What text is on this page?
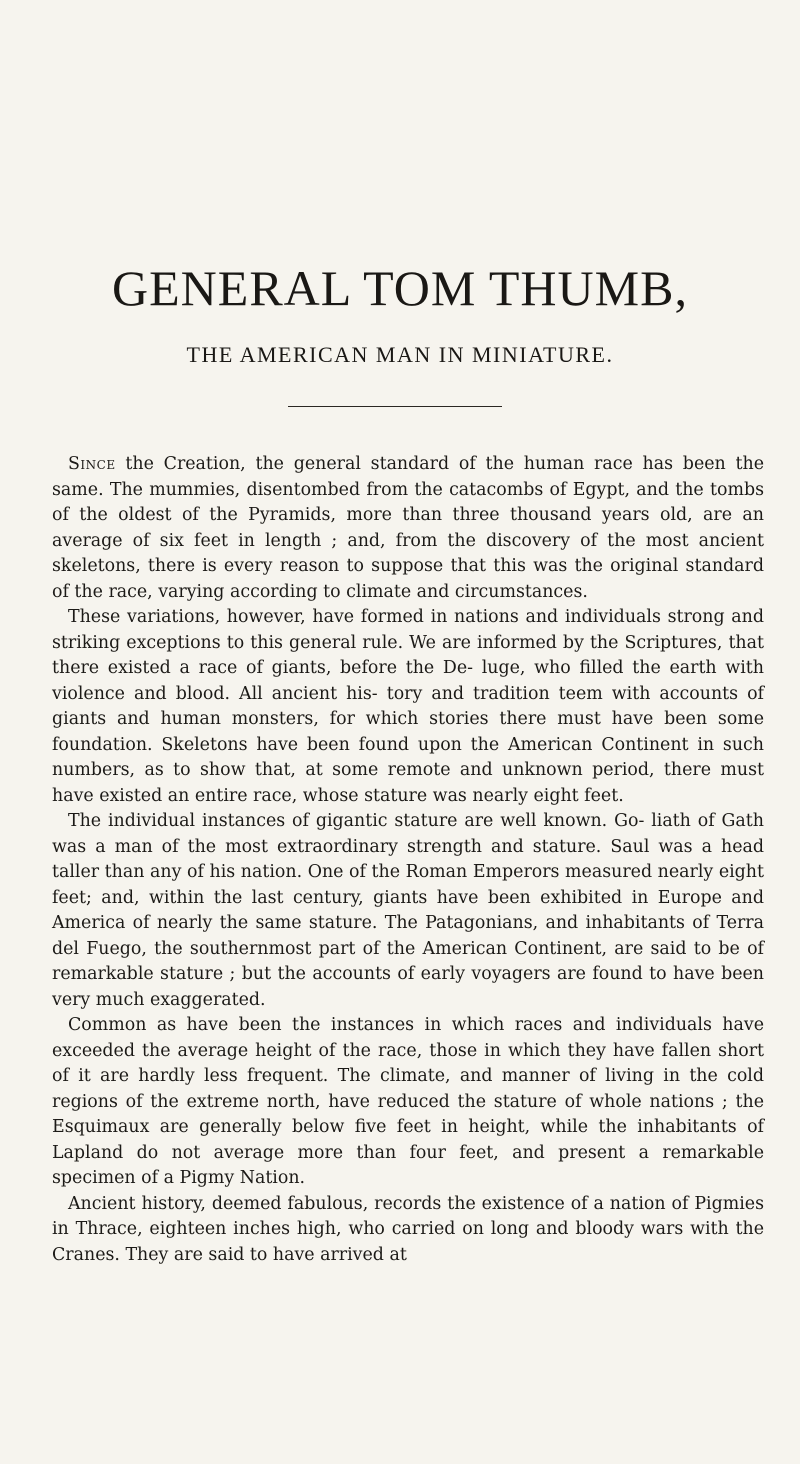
GENERAL TOM THUMB,
THE AMERICAN MAN IN MINIATURE.

Since the Creation, the general standard of the human race has been the same. The mummies, disentombed from the catacombs of Egypt, and the tombs of the oldest of the Pyramids, more than three thousand years old, are an average of six feet in length ; and, from the discovery of the most ancient skeletons, there is every reason to suppose that this was the original standard of the race, varying according to climate and circumstances.

These variations, however, have formed in nations and individuals strong and striking exceptions to this general rule. We are informed by the Scriptures, that there existed a race of giants, before the De- luge, who filled the earth with violence and blood. All ancient his- tory and tradition teem with accounts of giants and human monsters, for which stories there must have been some foundation. Skeletons have been found upon the American Continent in such numbers, as to show that, at some remote and unknown period, there must have existed an entire race, whose stature was nearly eight feet.

The individual instances of gigantic stature are well known. Go- liath of Gath was a man of the most extraordinary strength and stature. Saul was a head taller than any of his nation. One of the Roman Emperors measured nearly eight feet; and, within the last century, giants have been exhibited in Europe and America of nearly the same stature. The Patagonians, and inhabitants of Terra del Fuego, the southernmost part of the American Continent, are said to be of remarkable stature ; but the accounts of early voyagers are found to have been very much exaggerated.

Common as have been the instances in which races and individuals have exceeded the average height of the race, those in which they have fallen short of it are hardly less frequent. The climate, and manner of living in the cold regions of the extreme north, have reduced the stature of whole nations ; the Esquimaux are generally below five feet in height, while the inhabitants of Lapland do not average more than four feet, and present a remarkable specimen of a Pigmy Nation.

Ancient history, deemed fabulous, records the existence of a nation of Pigmies in Thrace, eighteen inches high, who carried on long and bloody wars with the Cranes. They are said to have arrived at
